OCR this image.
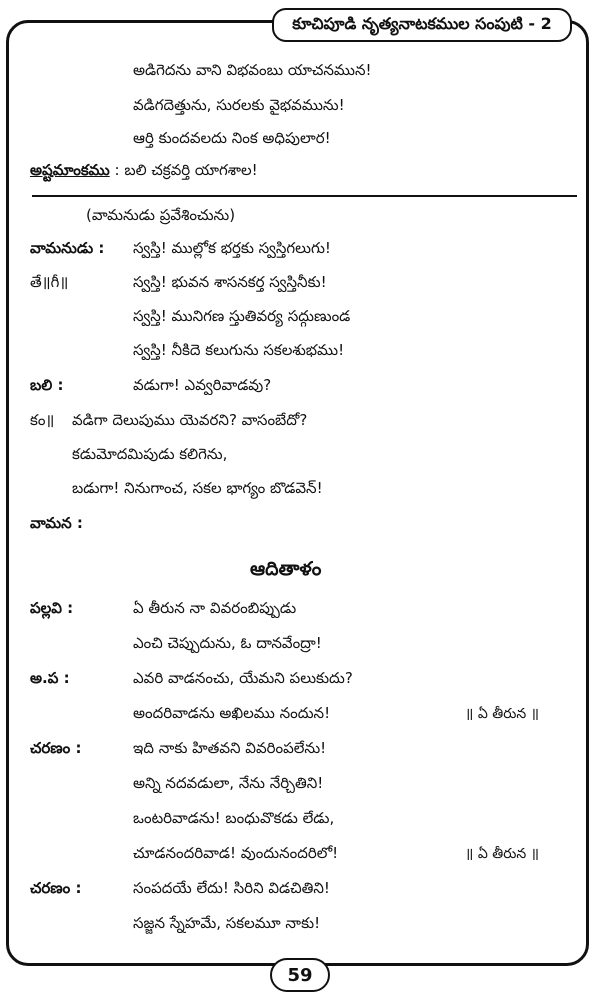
కూచిపూడి నృత్యనాటకముల సంపుటి - 2
అడిగెదను వాని విభవంబు యాచనమున!
వడిగదెత్తును, సురలకు వైభవమును!
ఆర్తి కుందవలదు నింక అధిపులార!
అష్టమాంకము : బలి చక్రవర్తి యాగశాల!
(వామనుడు ప్రవేశించును)
వామనుడు : స్వస్తి! ముల్లోక భర్తకు స్వస్తిగలుగు!
తే॥గీ॥	స్వస్తి! భువన శాసనకర్త స్వస్తినీకు!
స్వస్తి! మునిగణ స్తుతివర్య సద్గుణుండ
స్వస్తి! నీకిదె కలుగును సకలశుభము!
బలి :	వడుగా! ఎవ్వరివాడవు?
కం॥ వడిగా దెలుపుము యెవరని? వాసంబేదో?
కడుమోదమిపుడు కలిగెను,
బడుగా! నినుగాంచ, సకల భాగ్యం బొడవెన్!
వామన :
ఆదితాళం
పల్లవి :	ఏ తీరున నా వివరంబిప్పుడు
ఎంచి చెప్పుదును, ఓ దానవేంద్రా!
అ.ప :	ఎవరి వాడనంచు, యేమని పలుకుదు?
అందరివాడను అఖిలము నందున!	॥ ఏ తీరున ॥
చరణం :	ఇది నాకు హితవని వివరింపలేను!
అన్ని నదవడులా, నేను నేర్చితిని!
ఒంటరివాడను! బంధువొకడు లేడు,
చూడనందరివాడ! వుందునందరిలో!	॥ ఏ తీరున ॥
చరణం :	సంపదయే లేదు! సిరిని విడచితిని!
సజ్జన స్నేహమే, సకలమూ నాకు!
59
